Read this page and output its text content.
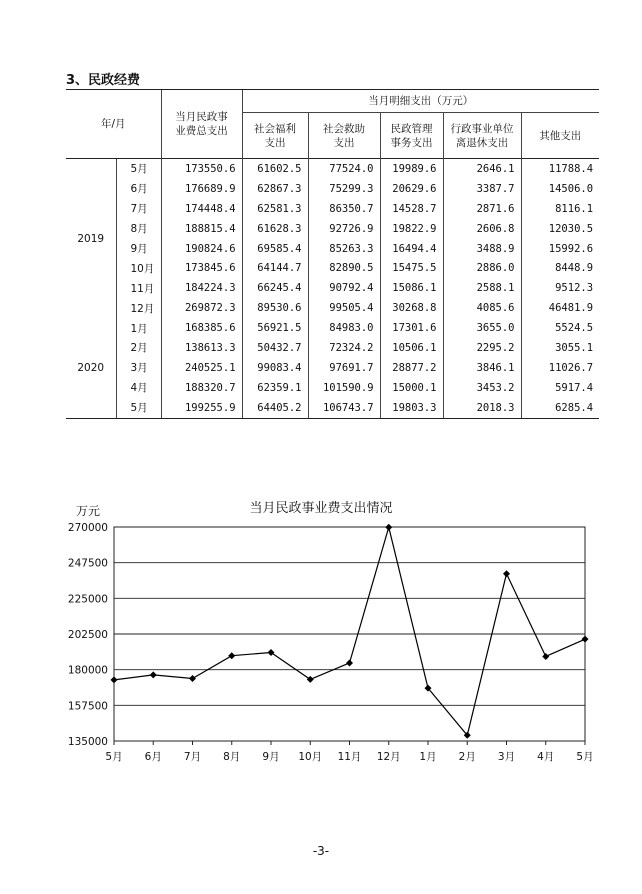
3、民政经费
年/月		当月民政事业费总支出	当月明细支出（万元）				

			社会福利支出	社会救助支出	民政管理事务支出	行政事业单位离退休支出	其他支出
2019	5月	173550.6	61602.5	77524.0	19989.6	2646.1	11788.4
	6月	176689.9	62867.3	75299.3	20629.6	3387.7	14506.0
	7月	174448.4	62581.3	86350.7	14528.7	2871.6	8116.1
	8月	188815.4	61628.3	92726.9	19822.9	2606.8	12030.5
	9月	190824.6	69585.4	85263.3	16494.4	3488.9	15992.6
	10月	173845.6	64144.7	82890.5	15475.5	2886.0	8448.9
	11月	184224.3	66245.4	90792.4	15086.1	2588.1	9512.3
	12月	269872.3	89530.6	99505.4	30268.8	4085.6	46481.9
2020	1月	168385.6	56921.5	84983.0	17301.6	3655.0	5524.5
	2月	138613.3	50432.7	72324.2	10506.1	2295.2	3055.1
	3月	240525.1	99083.4	97691.7	28877.2	3846.1	11026.7
	4月	188320.7	62359.1	101590.9	15000.1	3453.2	5917.4
	5月	199255.9	64405.2	106743.7	19803.3	2018.3	6285.4
当月民政事业费支出情况
万元
135000
157500
180000
202500
225000
247500
270000
5月 6月 7月 8月 9月 10月 11月 12月 1月 2月 3月 4月 5月
-3-
